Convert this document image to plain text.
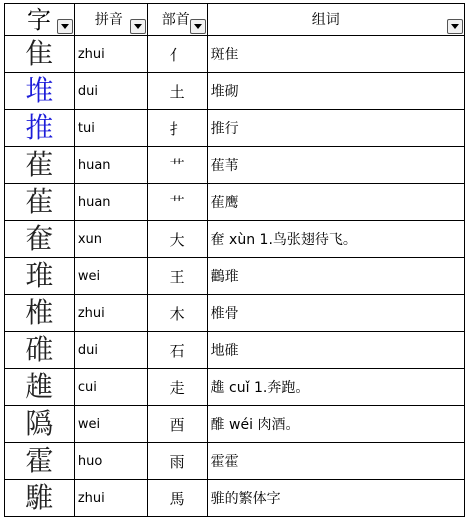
字	拼音	部首	组词

隹	zhui	亻	斑隹
堆	dui	土	堆砌
推	tui	扌	推行
萑	huan	艹	萑苇
萑	huan	艹	萑鹰
奞	xun	大	奞 xùn 1.鸟张翅待飞。
琟	wei	王	鸛琟
椎	zhui	木	椎骨
碓	dui	石	地碓
趡	cui	走	趡 cuǐ 1.奔跑。
䧦	wei	酉	醀 wéi 肉酒。
霍	huo	雨	霍霍
騅	zhui	馬	骓的繁体字
